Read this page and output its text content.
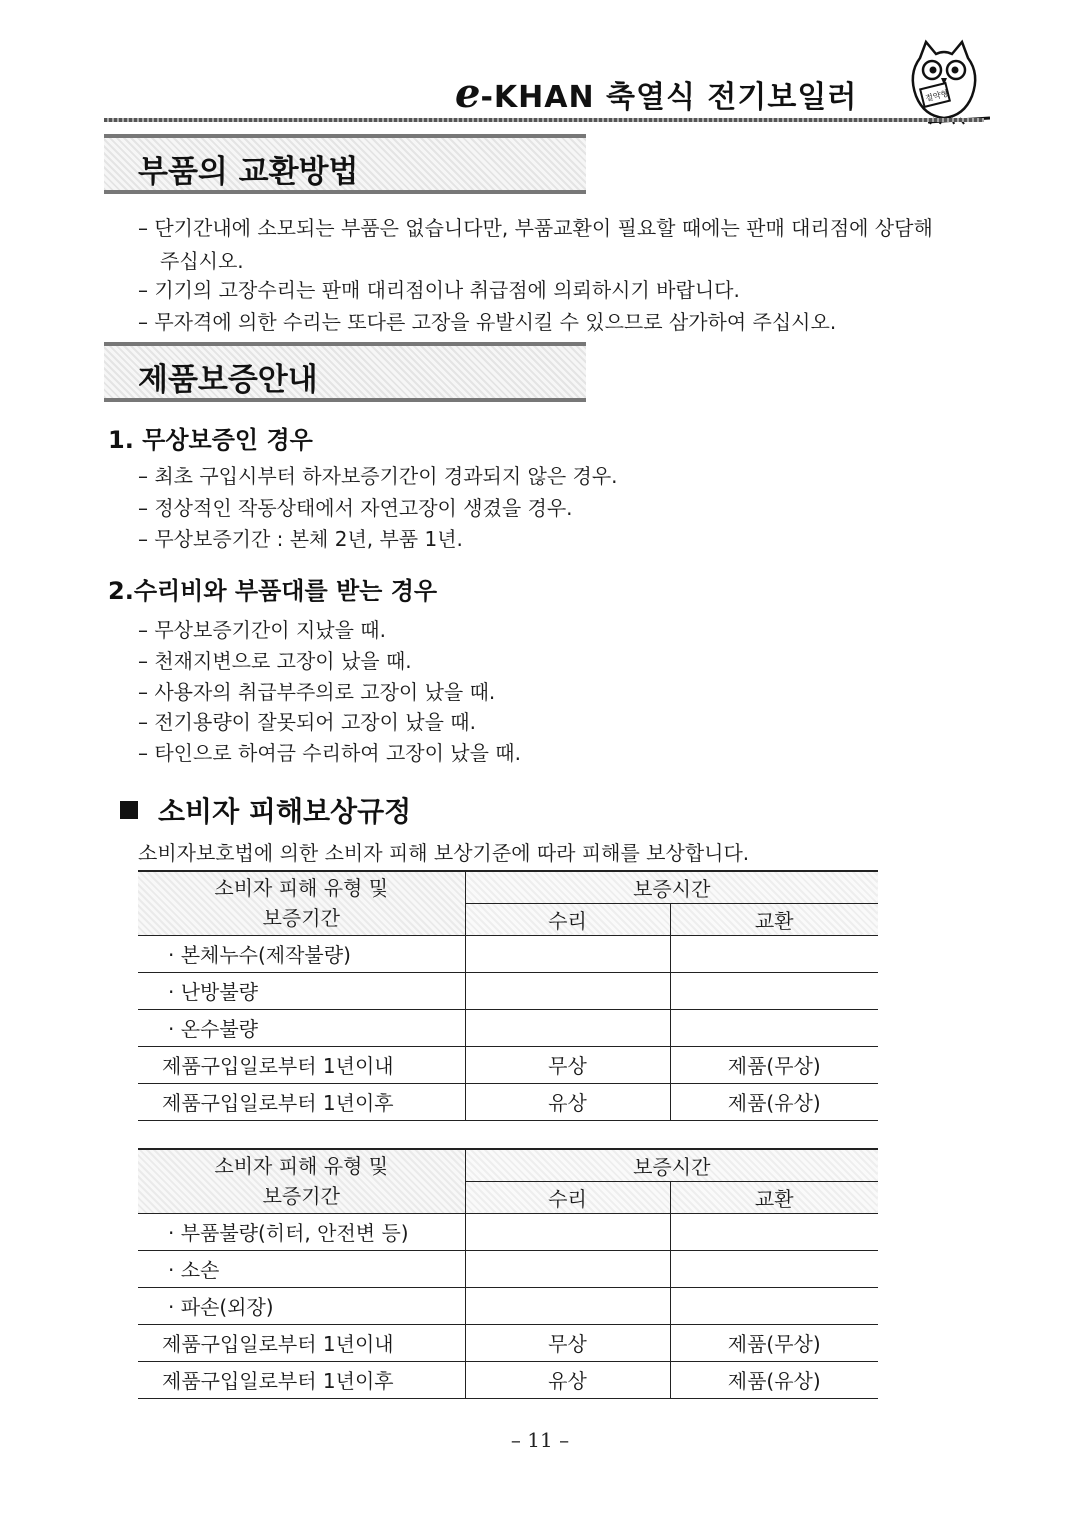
e -KHAN 축열식 전기보일러	절약형
부품의 교환방법
– 단기간내에 소모되는 부품은 없습니다만, 부품교환이 필요할 때에는 판매 대리점에 상담해
주십시오.
– 기기의 고장수리는 판매 대리점이나 취급점에 의뢰하시기 바랍니다.
– 무자격에 의한 수리는 또다른 고장을 유발시킬 수 있으므로 삼가하여 주십시오.
제품보증안내
1. 무상보증인 경우
– 최초 구입시부터 하자보증기간이 경과되지 않은 경우.
– 정상적인 작동상태에서 자연고장이 생겼을 경우.
– 무상보증기간 : 본체 2년, 부품 1년.
2.수리비와 부품대를 받는 경우
– 무상보증기간이 지났을 때.
– 천재지변으로 고장이 났을 때.
– 사용자의 취급부주의로 고장이 났을 때.
– 전기용량이 잘못되어 고장이 났을 때.
– 타인으로 하여금 수리하여 고장이 났을 때.
소비자 피해보상규정
소비자보호법에 의한 소비자 피해 보상기준에 따라 피해를 보상합니다.
소비자 피해 유형 및
보증기간	보증시간	
	수리	교환
· 본체누수(제작불량)		
· 난방불량		
· 온수불량		
제품구입일로부터 1년이내	무상	제품(무상)
제품구입일로부터 1년이후	유상	제품(유상)
소비자 피해 유형 및
보증기간	보증시간	
	수리	교환
· 부품불량(히터, 안전변 등)		
· 소손		
· 파손(외장)		
제품구입일로부터 1년이내	무상	제품(무상)
제품구입일로부터 1년이후	유상	제품(유상)
– 11 –
